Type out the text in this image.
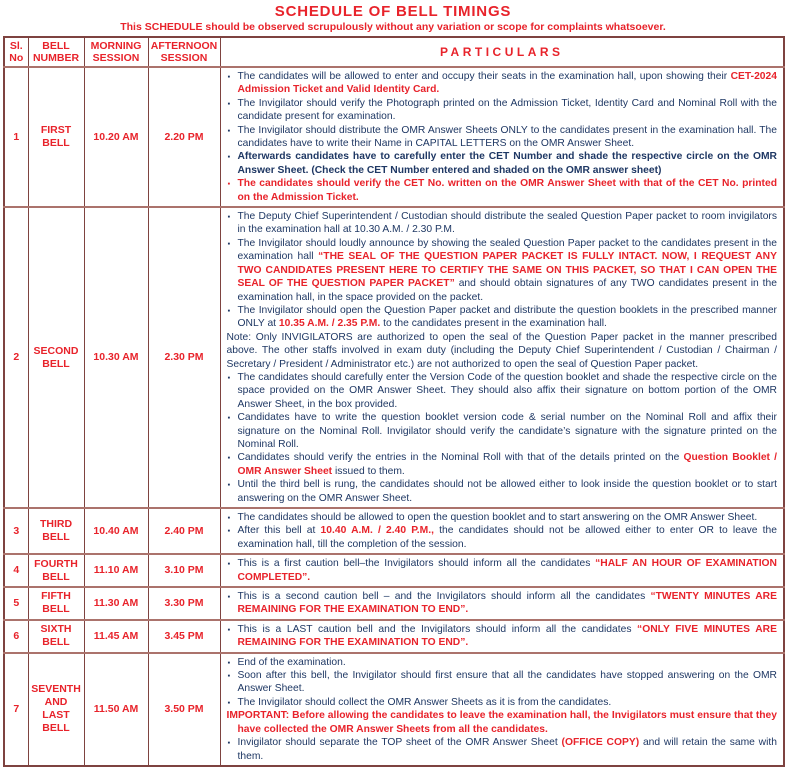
SCHEDULE OF BELL TIMINGS
This SCHEDULE should be observed scrupulously without any variation or scope for complaints whatsoever.
Sl. No	BELL NUMBER	MORNING SESSION	AFTERNOON SESSION	PARTICULARS
1	FIRST BELL	10.20 AM	2.20 PM	
▪ The candidates will be allowed to enter and occupy their seats in the examination hall, upon showing their CET-2024 Admission Ticket and Valid Identity Card.
▪ The Invigilator should verify the Photograph printed on the Admission Ticket, Identity Card and Nominal Roll with the candidate present for examination.
▪ The Invigilator should distribute the OMR Answer Sheets ONLY to the candidates present in the examination hall. The candidates have to write their Name in CAPITAL LETTERS on the OMR Answer Sheet.
▪ Afterwards candidates have to carefully enter the CET Number and shade the respective circle on the OMR Answer Sheet. (Check the CET Number entered and shaded on the OMR answer sheet)
▪ The candidates should verify the CET No. written on the OMR Answer Sheet with that of the CET No. printed on the Admission Ticket.

2	SECOND BELL	10.30 AM	2.30 PM	
▪ The Deputy Chief Superintendent / Custodian should distribute the sealed Question Paper packet to room invigilators in the examination hall at 10.30 A.M. / 2.30 P.M.
▪ The Invigilator should loudly announce by showing the sealed Question Paper packet to the candidates present in the examination hall “THE SEAL OF THE QUESTION PAPER PACKET IS FULLY INTACT. NOW, I REQUEST ANY TWO CANDIDATES PRESENT HERE TO CERTIFY THE SAME ON THIS PACKET, SO THAT I CAN OPEN THE SEAL OF THE QUESTION PAPER PACKET” and should obtain signatures of any TWO candidates present in the examination hall, in the space provided on the packet.
▪ The Invigilator should open the Question Paper packet and distribute the question booklets in the prescribed manner ONLY at 10.35 A.M. / 2.35 P.M. to the candidates present in the examination hall.
Note: Only INVIGILATORS are authorized to open the seal of the Question Paper packet in the manner prescribed above. The other staffs involved in exam duty (including the Deputy Chief Superintendent / Custodian / Chairman / Secretary / President / Administrator etc.) are not authorized to open the seal of Question Paper packet.
▪ The candidates should carefully enter the Version Code of the question booklet and shade the respective circle on the space provided on the OMR Answer Sheet. They should also affix their signature on bottom portion of the OMR Answer Sheet, in the box provided.
▪ Candidates have to write the question booklet version code & serial number on the Nominal Roll and affix their signature on the Nominal Roll. Invigilator should verify the candidate’s signature with the signature printed on the Nominal Roll.
▪ Candidates should verify the entries in the Nominal Roll with that of the details printed on the Question Booklet / OMR Answer Sheet issued to them.
▪ Until the third bell is rung, the candidates should not be allowed either to look inside the question booklet or to start answering on the OMR Answer Sheet.

3	THIRD BELL	10.40 AM	2.40 PM	▪ The candidates should be allowed to open the question booklet and to start answering on the OMR Answer Sheet.
▪ After this bell at 10.40 A.M. / 2.40 P.M., the candidates should not be allowed either to enter OR to leave the examination hall, till the completion of the session.

4	FOURTH BELL	11.10 AM	3.10 PM	▪ This is a first caution bell–the Invigilators should inform all the candidates “HALF AN HOUR OF EXAMINATION COMPLETED”.

5	FIFTH BELL	11.30 AM	3.30 PM	▪ This is a second caution bell – and the Invigilators should inform all the candidates “TWENTY MINUTES ARE REMAINING FOR THE EXAMINATION TO END”.

6	SIXTH BELL	11.45 AM	3.45 PM	▪ This is a LAST caution bell and the Invigilators should inform all the candidates “ONLY FIVE MINUTES ARE REMAINING FOR THE EXAMINATION TO END”.

7	SEVENTH AND LAST BELL	11.50 AM	3.50 PM	
▪ End of the examination.
▪ Soon after this bell, the Invigilator should first ensure that all the candidates have stopped answering on the OMR Answer Sheet.
▪ The Invigilator should collect the OMR Answer Sheets as it is from the candidates.
IMPORTANT: Before allowing the candidates to leave the examination hall, the Invigilators must ensure that they have collected the OMR Answer Sheets from all the candidates.
▪ Invigilator should separate the TOP sheet of the OMR Answer Sheet (OFFICE COPY) and will retain the same with them.
